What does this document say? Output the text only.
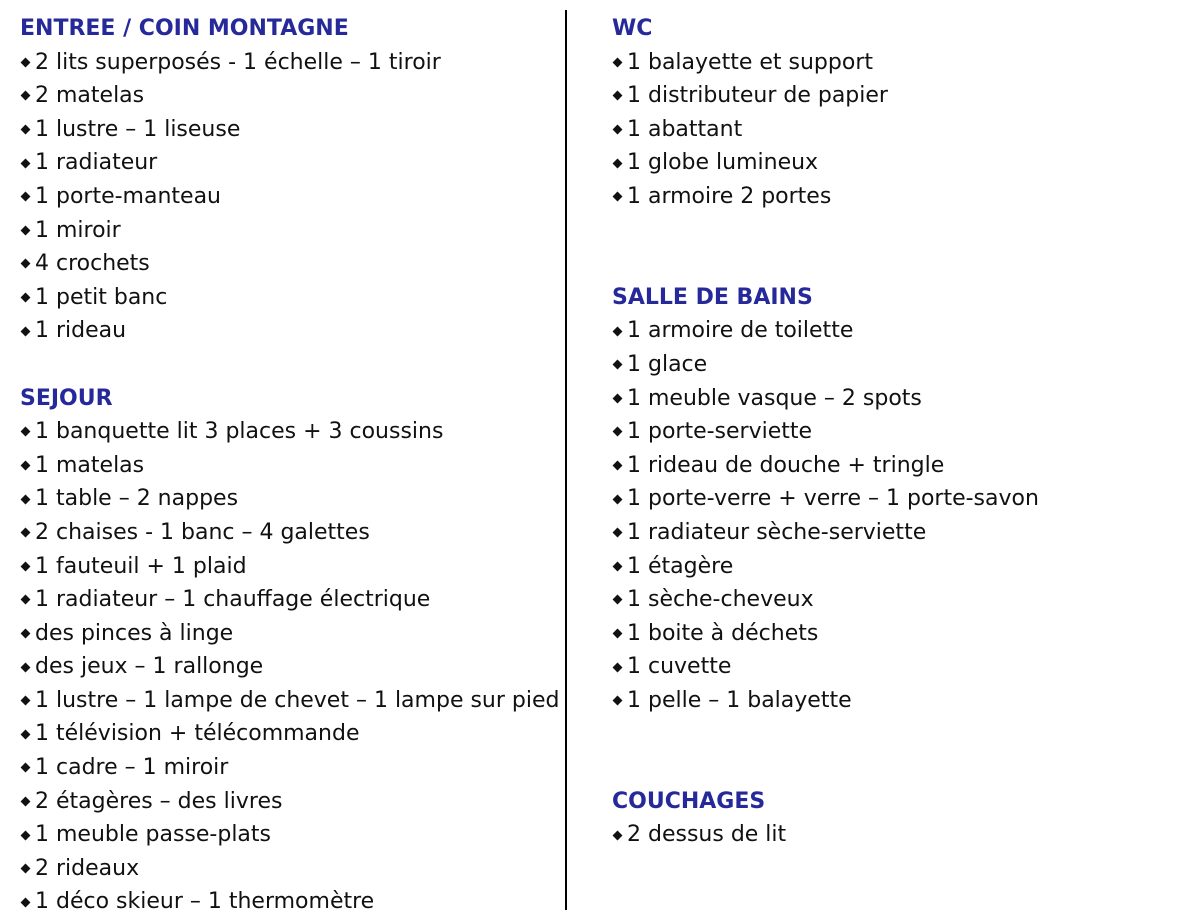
ENTREE / COIN MONTAGNE
2 lits superposés - 1 échelle – 1 tiroir
2 matelas
1 lustre – 1 liseuse
1 radiateur
1 porte-manteau
1 miroir
4 crochets
1 petit banc
1 rideau
SEJOUR
1 banquette lit 3 places + 3 coussins
1 matelas
1 table – 2 nappes
2 chaises - 1 banc – 4 galettes
1 fauteuil + 1 plaid
1 radiateur – 1 chauffage électrique
des pinces à linge
des jeux – 1 rallonge
1 lustre – 1 lampe de chevet – 1 lampe sur pied
1 télévision + télécommande
1 cadre – 1 miroir
2 étagères – des livres
1 meuble passe-plats
2 rideaux
1 déco skieur – 1 thermomètre
WC
1 balayette et support
1 distributeur de papier
1 abattant
1 globe lumineux
1 armoire 2 portes
SALLE DE BAINS
1 armoire de toilette
1 glace
1 meuble vasque – 2 spots
1 porte-serviette
1 rideau de douche + tringle
1 porte-verre + verre – 1 porte-savon
1 radiateur sèche-serviette
1 étagère
1 sèche-cheveux
1 boite à déchets
1 cuvette
1 pelle – 1 balayette
COUCHAGES
2 dessus de lit
